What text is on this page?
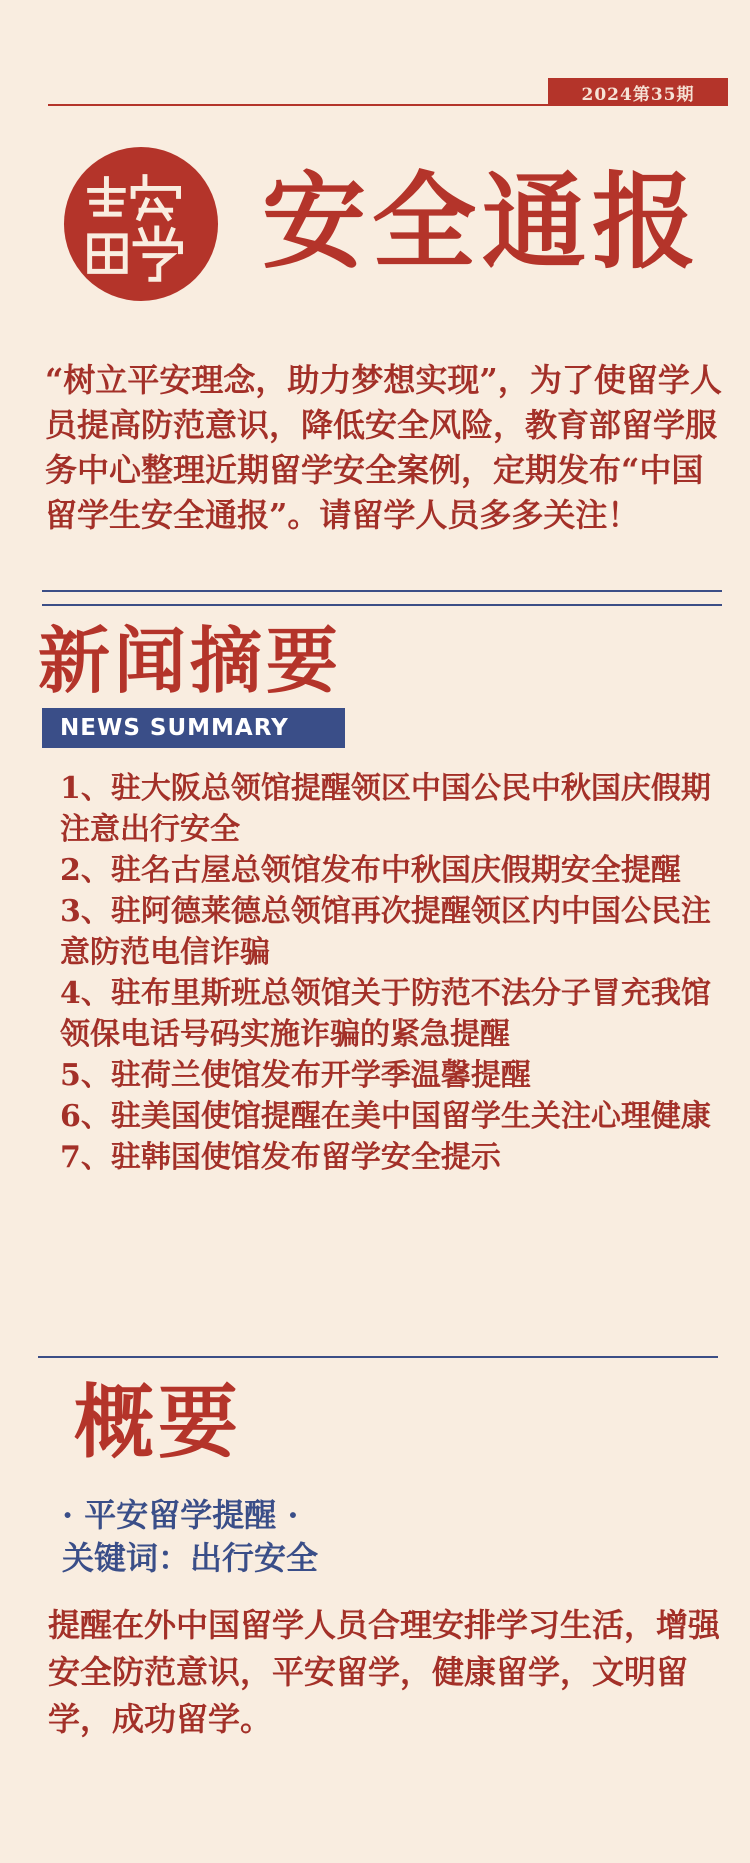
2024第35期
安全通报

“树立平安理念，助力梦想实现”，为了使留学人员提高防范意识，降低安全风险，教育部留学服务中心整理近期留学安全案例，定期发布“中国留学生安全通报”。请留学人员多多关注！

新闻摘要
NEWS SUMMARY
1、驻大阪总领馆提醒领区中国公民中秋国庆假期注意出行安全
2、驻名古屋总领馆发布中秋国庆假期安全提醒
3、驻阿德莱德总领馆再次提醒领区内中国公民注意防范电信诈骗
4、驻布里斯班总领馆关于防范不法分子冒充我馆领保电话号码实施诈骗的紧急提醒
5、驻荷兰使馆发布开学季温馨提醒
6、驻美国使馆提醒在美中国留学生关注心理健康
7、驻韩国使馆发布留学安全提示
概要
· 平安留学提醒 ·
关键词：出行安全

提醒在外中国留学人员合理安排学习生活，增强安全防范意识，平安留学，健康留学，文明留学，成功留学。
